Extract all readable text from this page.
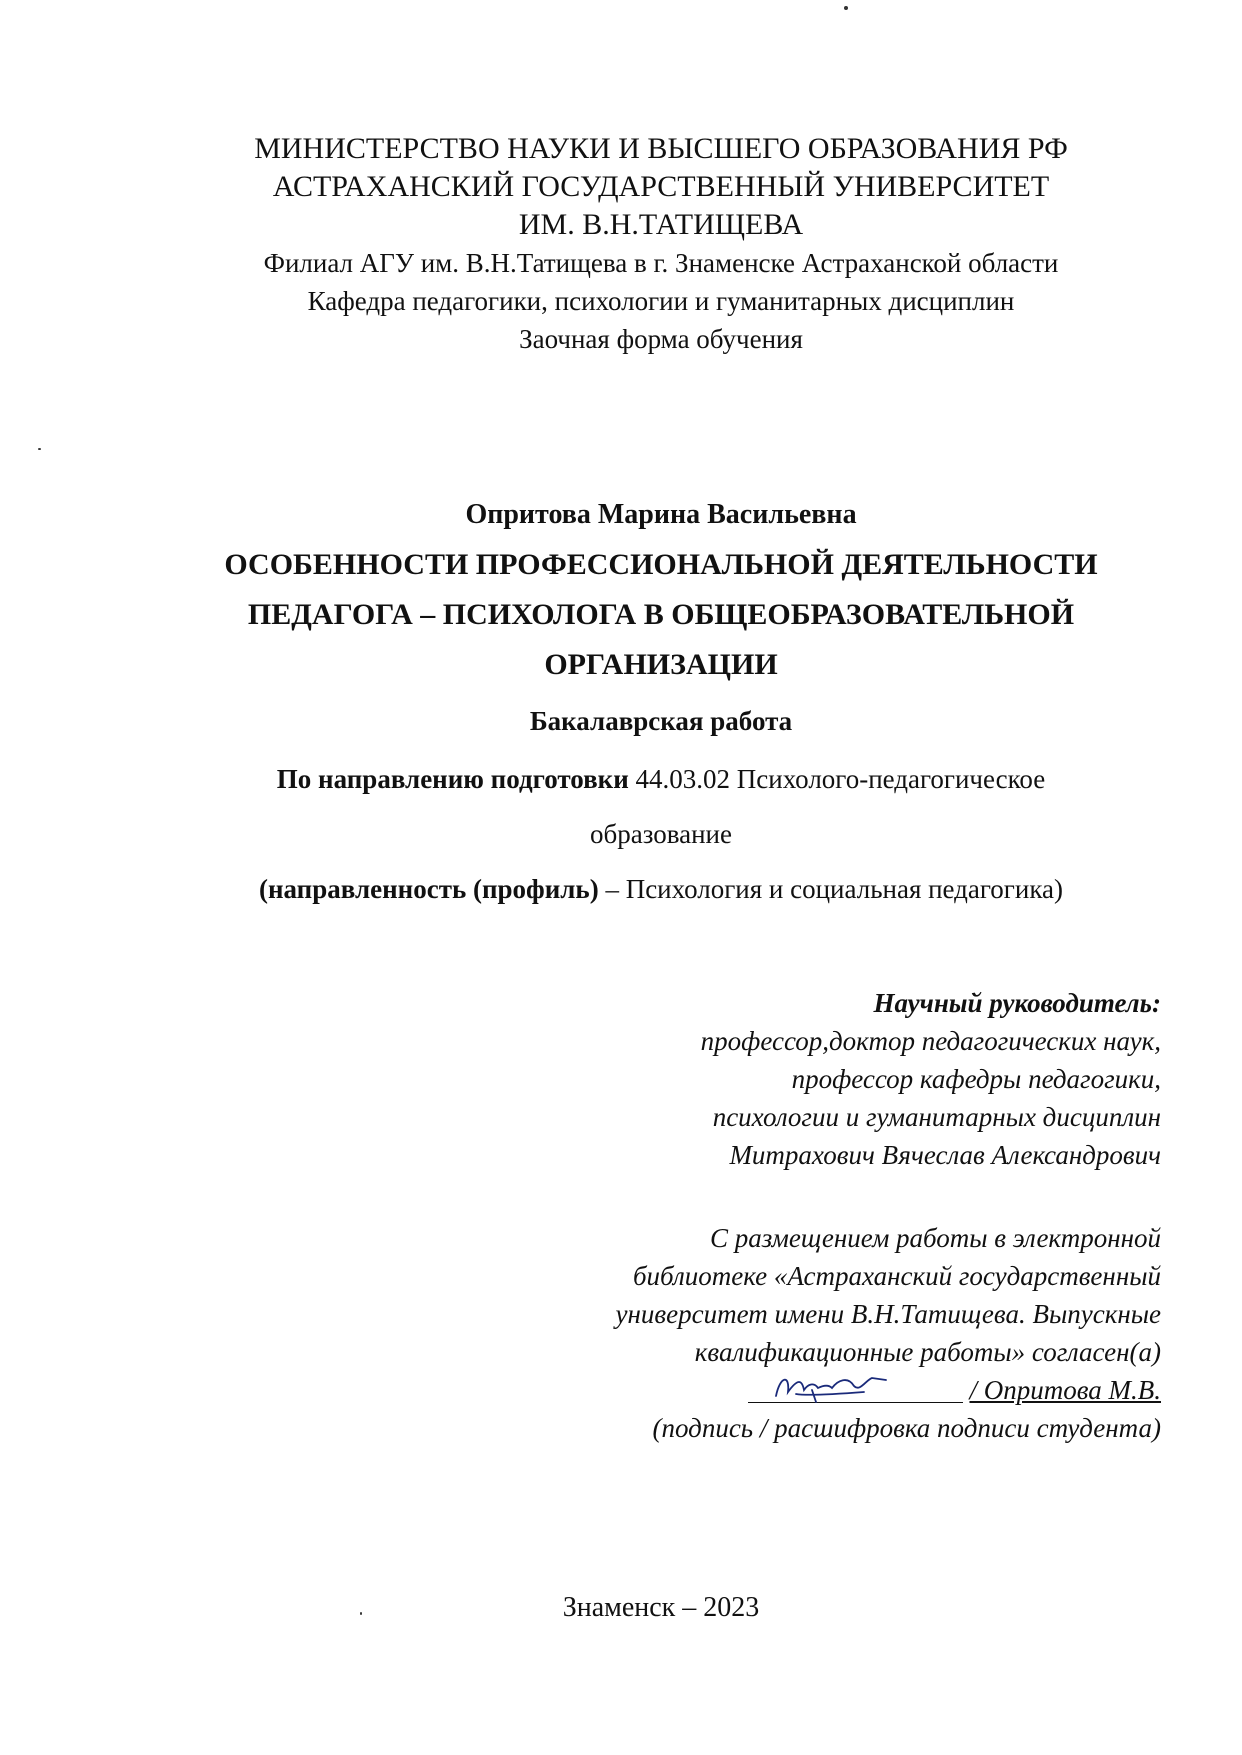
МИНИСТЕРСТВО НАУКИ И ВЫСШЕГО ОБРАЗОВАНИЯ РФ
АСТРАХАНСКИЙ ГОСУДАРСТВЕННЫЙ УНИВЕРСИТЕТ
ИМ. В.Н.ТАТИЩЕВА
Филиал АГУ им. В.Н.Татищева в г. Знаменске Астраханской области
Кафедра педагогики, психологии и гуманитарных дисциплин
Заочная форма обучения
Опритова Марина Васильевна
ОСОБЕННОСТИ ПРОФЕССИОНАЛЬНОЙ ДЕЯТЕЛЬНОСТИ
ПЕДАГОГА – ПСИХОЛОГА В ОБЩЕОБРАЗОВАТЕЛЬНОЙ
ОРГАНИЗАЦИИ
Бакалаврская работа
По направлению подготовки 44.03.02 Психолого-педагогическое
образование
(направленность (профиль) – Психология и социальная педагогика)
Научный руководитель:
профессор,доктор педагогических наук,
профессор кафедры педагогики,
психологии и гуманитарных дисциплин
Митрахович Вячеслав Александрович
С размещением работы в электронной
библиотеке «Астраханский государственный
университет имени В.Н.Татищева. Выпускные
квалификационные работы» согласен(а)
/ Опритова М.В.
(подпись / расшифровка подписи студента)
Знаменск – 2023
